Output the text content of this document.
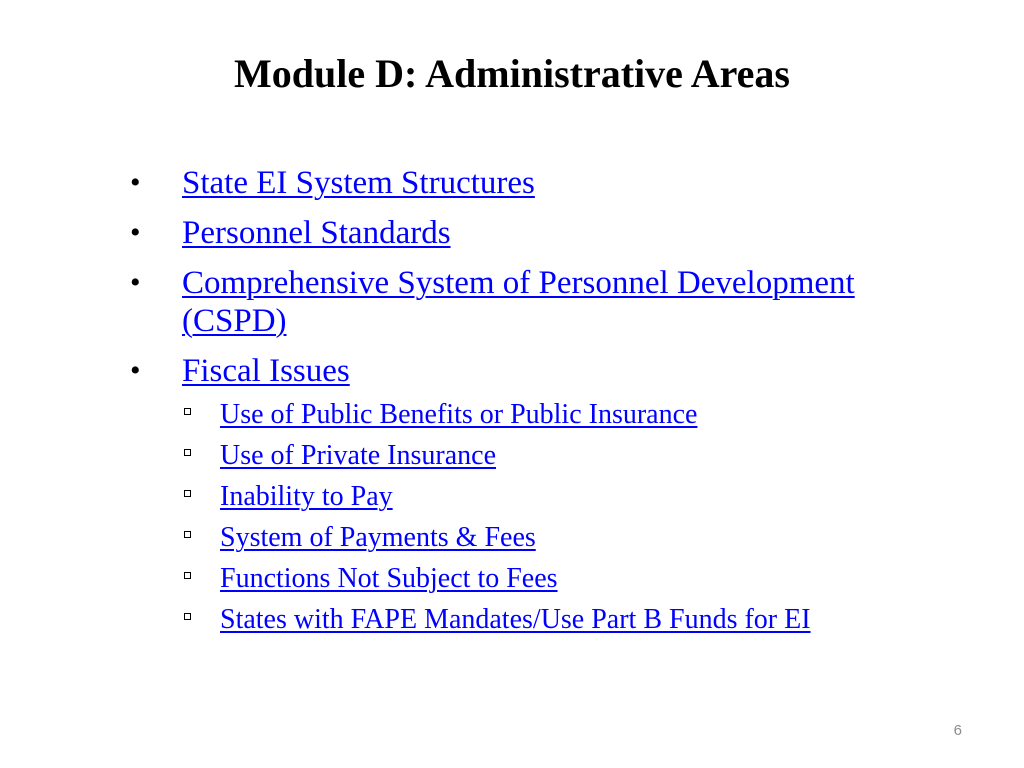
Module D: Administrative Areas
• State EI System Structures
• Personnel Standards
• Comprehensive System of Personnel Development (CSPD)
• Fiscal Issues
Use of Public Benefits or Public Insurance
Use of Private Insurance
Inability to Pay
System of Payments & Fees
Functions Not Subject to Fees
States with FAPE Mandates/Use Part B Funds for EI
6
